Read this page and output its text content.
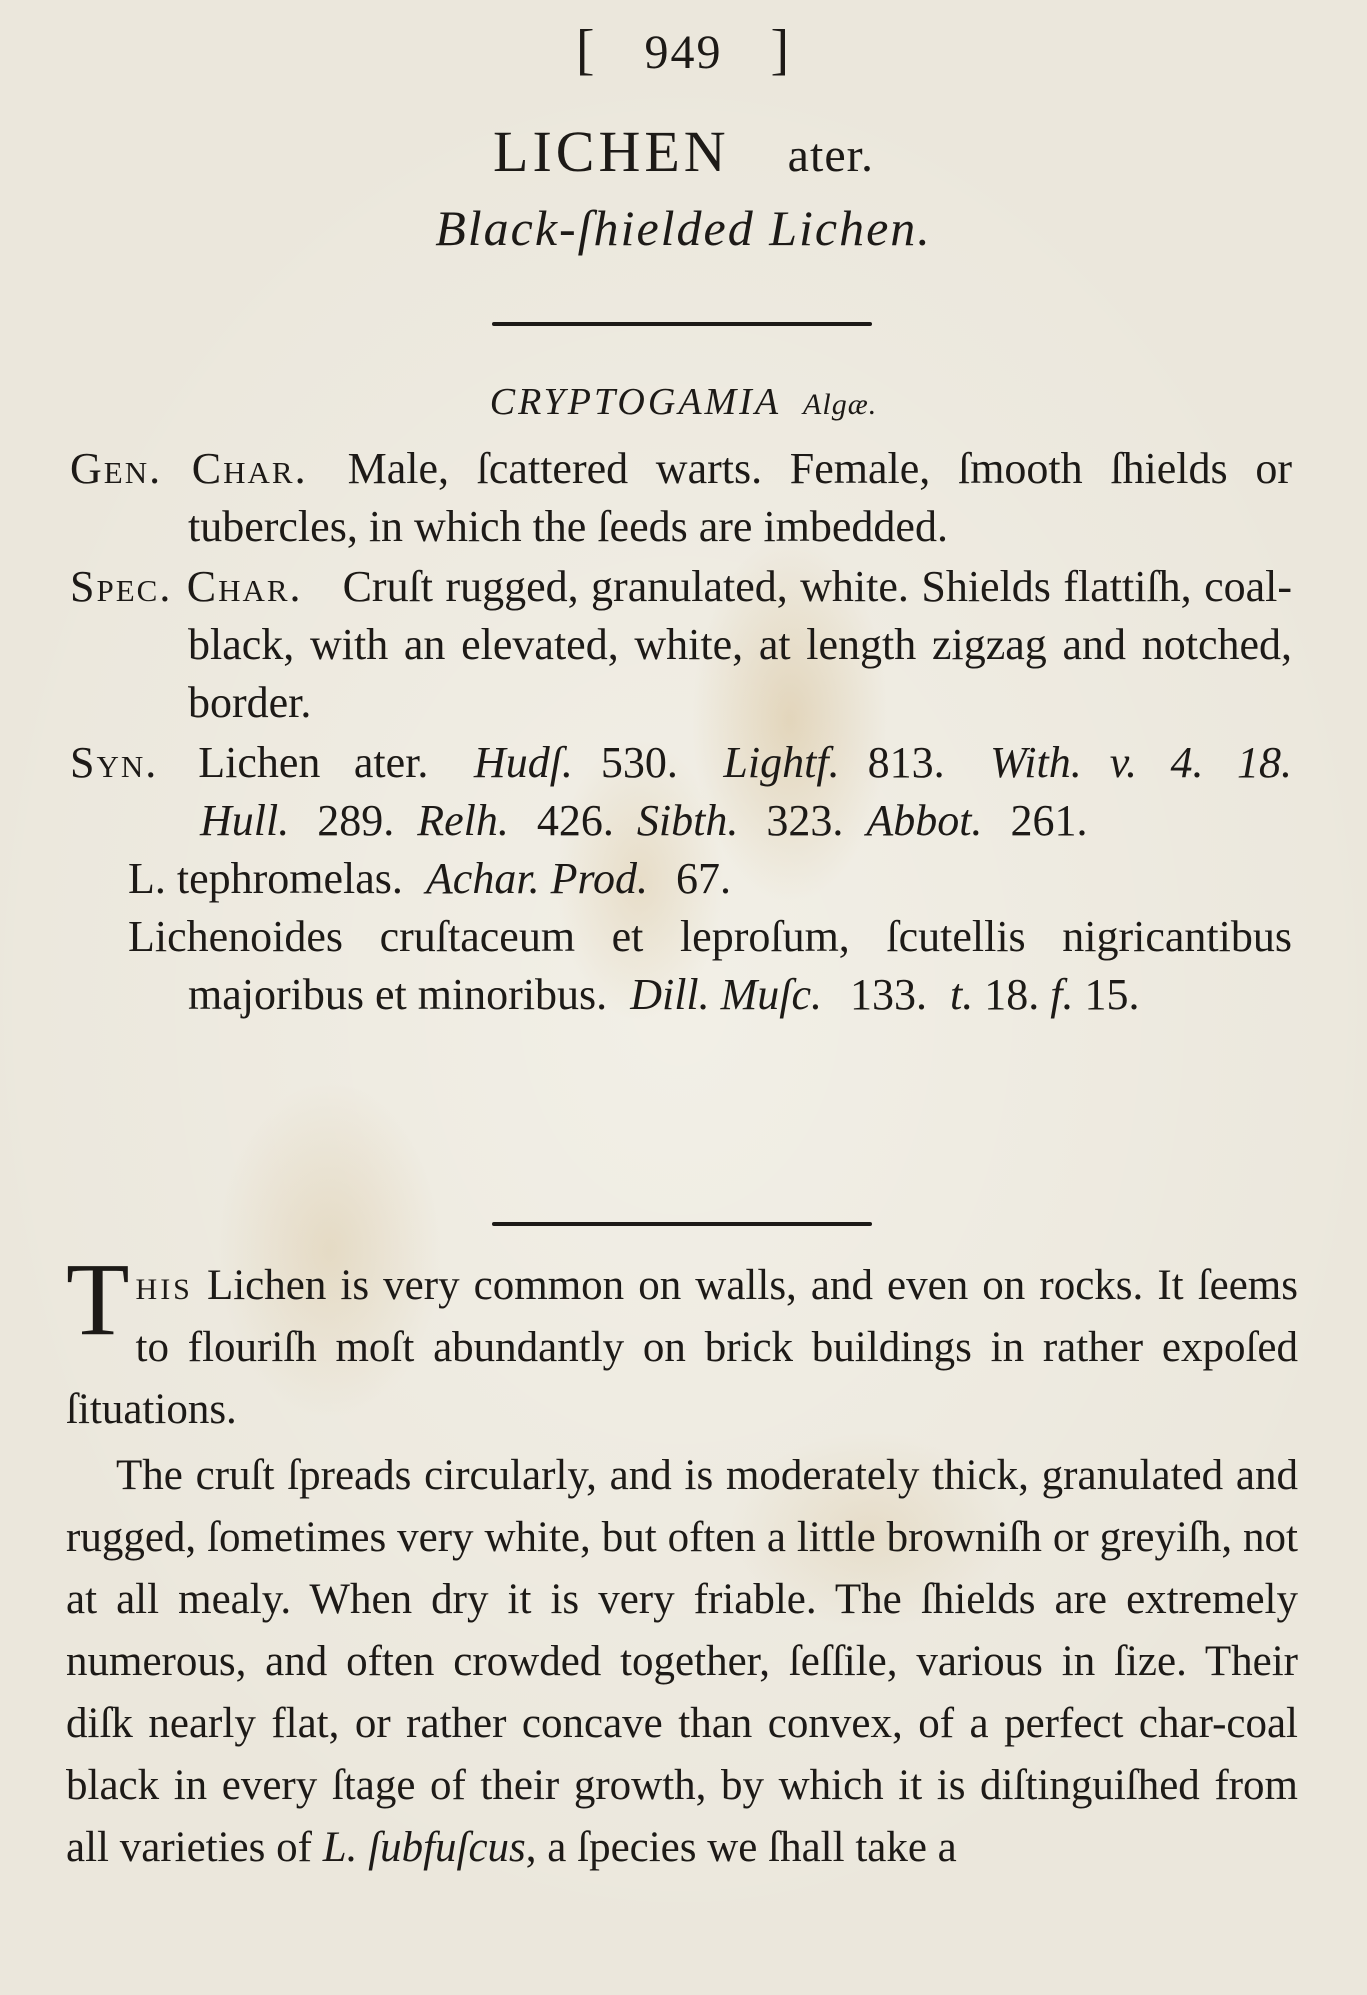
[ 949 ]
LICHEN ater.
Black-ſhielded Lichen.
CRYPTOGAMIA Algæ.
Gen. Char. Male, ſcattered warts. Female, ſmooth ſhields or tubercles, in which the ſeeds are imbedded.
Spec. Char. Cruſt rugged, granulated, white. Shields flattiſh, coal-black, with an elevated, white, at length zigzag and notched, border.
Syn. Lichen ater. Hudſ. 530. Lightf. 813. With. v. 4. 18. Hull. 289. Relh. 426. Sibth. 323. Abbot. 261.
L. tephromelas. Achar. Prod. 67.
Lichenoides cruſtaceum et leproſum, ſcutellis nigricantibus majoribus et minoribus. Dill. Muſc. 133. t. 18. f. 15.

This Lichen is very common on walls, and even on rocks. It ſeems to flouriſh moſt abundantly on brick buildings in rather expoſed ſituations.

The cruſt ſpreads circularly, and is moderately thick, granulated and rugged, ſometimes very white, but often a little browniſh or greyiſh, not at all mealy. When dry it is very friable. The ſhields are extremely numerous, and often crowded together, ſeſſile, various in ſize. Their diſk nearly flat, or rather concave than convex, of a perfect char-coal black in every ſtage of their growth, by which it is diſtinguiſhed from all varieties of L. ſubfuſcus, a ſpecies we ſhall take a
